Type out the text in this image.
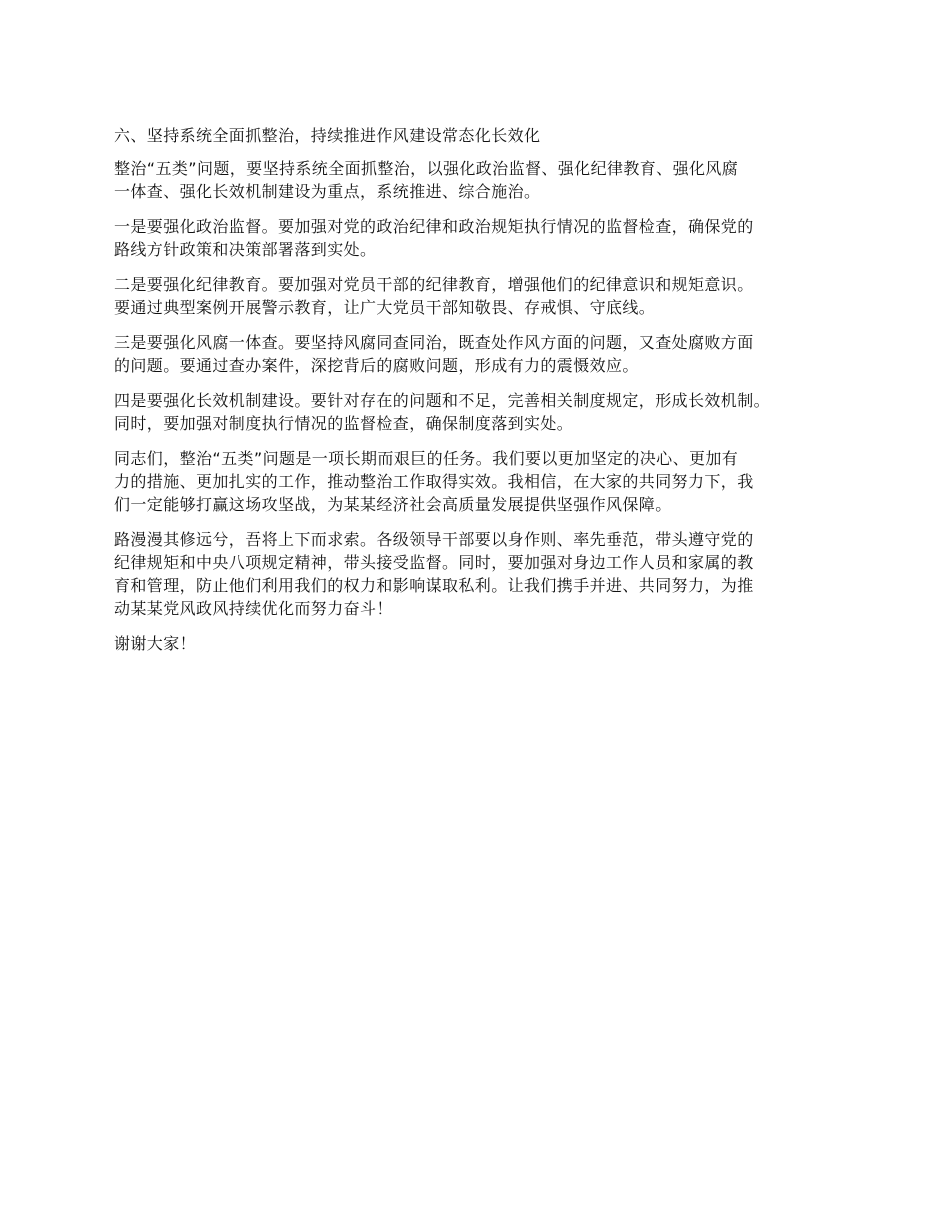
六、坚持系统全面抓整治，持续推进作风建设常态化长效化

整治“五类”问题，要坚持系统全面抓整治，以强化政治监督、强化纪律教育、强化风腐
一体查、强化长效机制建设为重点，系统推进、综合施治。

一是要强化政治监督。要加强对党的政治纪律和政治规矩执行情况的监督检查，确保党的
路线方针政策和决策部署落到实处。

二是要强化纪律教育。要加强对党员干部的纪律教育，增强他们的纪律意识和规矩意识。
要通过典型案例开展警示教育，让广大党员干部知敬畏、存戒惧、守底线。

三是要强化风腐一体查。要坚持风腐同查同治，既查处作风方面的问题，又查处腐败方面
的问题。要通过查办案件，深挖背后的腐败问题，形成有力的震慑效应。

四是要强化长效机制建设。要针对存在的问题和不足，完善相关制度规定，形成长效机制。
同时，要加强对制度执行情况的监督检查，确保制度落到实处。

同志们，整治“五类”问题是一项长期而艰巨的任务。我们要以更加坚定的决心、更加有
力的措施、更加扎实的工作，推动整治工作取得实效。我相信，在大家的共同努力下，我
们一定能够打赢这场攻坚战，为某某经济社会高质量发展提供坚强作风保障。

路漫漫其修远兮，吾将上下而求索。各级领导干部要以身作则、率先垂范，带头遵守党的
纪律规矩和中央八项规定精神，带头接受监督。同时，要加强对身边工作人员和家属的教
育和管理，防止他们利用我们的权力和影响谋取私利。让我们携手并进、共同努力，为推
动某某党风政风持续优化而努力奋斗！

谢谢大家！
